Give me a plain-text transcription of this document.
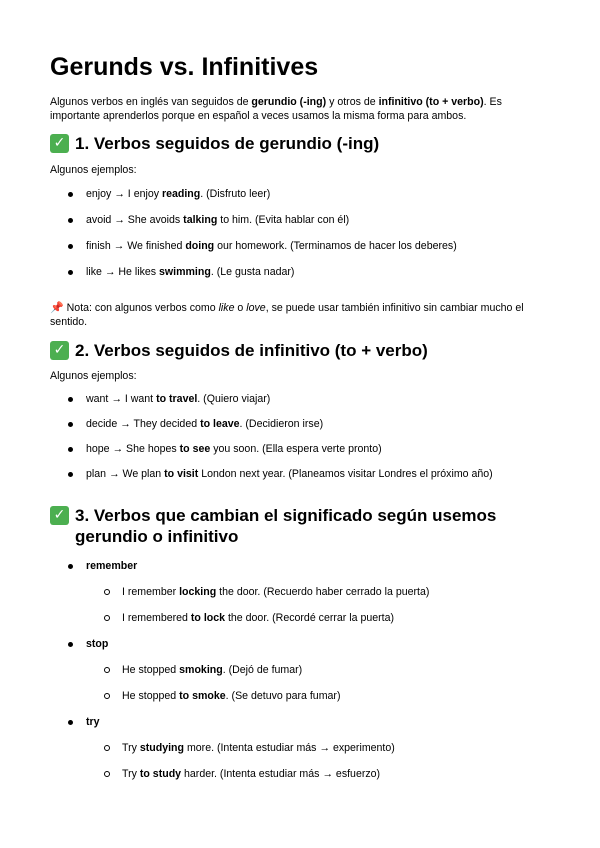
Gerunds vs. Infinitives

Algunos verbos en inglés van seguidos de gerundio (-ing) y otros de infinitivo (to + verbo). Es importante aprenderlos porque en español a veces usamos la misma forma para ambos.

✓ 1. Verbos seguidos de gerundio (-ing)
Algunos ejemplos:
enjoy → I enjoy reading. (Disfruto leer)
avoid → She avoids talking to him. (Evita hablar con él)
finish → We finished doing our homework. (Terminamos de hacer los deberes)
like → He likes swimming. (Le gusta nadar)

📌 Nota: con algunos verbos como like o love, se puede usar también infinitivo sin cambiar mucho el sentido.

✓ 2. Verbos seguidos de infinitivo (to + verbo)
Algunos ejemplos:
want → I want to travel. (Quiero viajar)
decide → They decided to leave. (Decidieron irse)
hope → She hopes to see you soon. (Ella espera verte pronto)
plan → We plan to visit London next year. (Planeamos visitar Londres el próximo año)
✓ 3. Verbos que cambian el significado según usemos gerundio o infinitivo
remember
I remember locking the door. (Recuerdo haber cerrado la puerta)
I remembered to lock the door. (Recordé cerrar la puerta)
stop
He stopped smoking. (Dejó de fumar)
He stopped to smoke. (Se detuvo para fumar)
try
Try studying more. (Intenta estudiar más → experimento)
Try to study harder. (Intenta estudiar más → esfuerzo)
